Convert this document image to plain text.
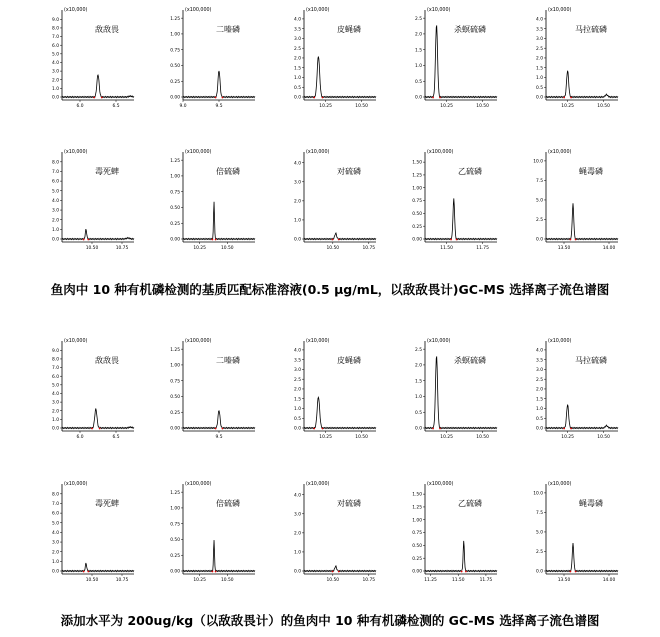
(x10,000)
0.0
1.0
2.0
3.0
4.0
5.0
6.0
7.0
8.0
9.0
6.0	6.5
敌敌畏
(x100,000)
0.00
0.25
0.50
0.75
1.00
1.25
9.0	9.5
二嗪磷
(x10,000)
0.0
0.5
1.0
1.5
2.0
2.5
3.0
3.5
4.0
10.25	10.50
皮蝇磷
(x10,000)
0.0
0.5
1.0
1.5
2.0
2.5
10.25	10.50
杀螟硫磷
(x10,000)
0.0
0.5
1.0
1.5
2.0
2.5
3.0
3.5
4.0
10.25	10.50
马拉硫磷
(x10,000)
0.0
1.0
2.0
3.0
4.0
5.0
6.0
7.0
8.0
10.50	10.75
毒死蜱
(x100,000)
0.00
0.25
0.50
0.75
1.00
1.25
10.25	10.50
倍硫磷
(x10,000)
0.0
1.0
2.0
3.0
4.0
10.50	10.75
对硫磷
(x100,000)
0.00
0.25
0.50
0.75
1.00
1.25
1.50
11.50	11.75
乙硫磷
(x10,000)
0.0
2.5
5.0
7.5
10.0
13.50	14.00
蝇毒磷
(x10,000)
0.0
1.0
2.0
3.0
4.0
5.0
6.0
7.0
8.0
9.0
6.0	6.5
敌敌畏
(x100,000)
0.00
0.25
0.50
0.75
1.00
1.25
9.5
二嗪磷
(x10,000)
0.0
0.5
1.0
1.5
2.0
2.5
3.0
3.5
4.0
10.25	10.50
皮蝇磷
(x10,000)
0.0
0.5
1.0
1.5
2.0
2.5
10.25	10.50
杀螟硫磷
(x10,000)
0.0
0.5
1.0
1.5
2.0
2.5
3.0
3.5
4.0
10.25	10.50
马拉硫磷
(x10,000)
0.0
1.0
2.0
3.0
4.0
5.0
6.0
7.0
8.0
10.50	10.75
毒死蜱
(x100,000)
0.00
0.25
0.50
0.75
1.00
1.25
10.25	10.50
倍硫磷
(x10,000)
0.0
1.0
2.0
3.0
4.0
10.50	10.75
对硫磷
(x100,000)
0.00
0.25
0.50
0.75
1.00
1.25
1.50
11.25	11.50	11.75
乙硫磷
(x10,000)
0.0
2.5
5.0
7.5
10.0
13.50	14.00
蝇毒磷
鱼肉中 10 种有机磷检测的基质匹配标准溶液(0.5 μg/mL，以敌敌畏计)GC-MS 选择离子流色谱图
添加水平为 200ug/kg（以敌敌畏计）的鱼肉中 10 种有机磷检测的 GC-MS 选择离子流色谱图
